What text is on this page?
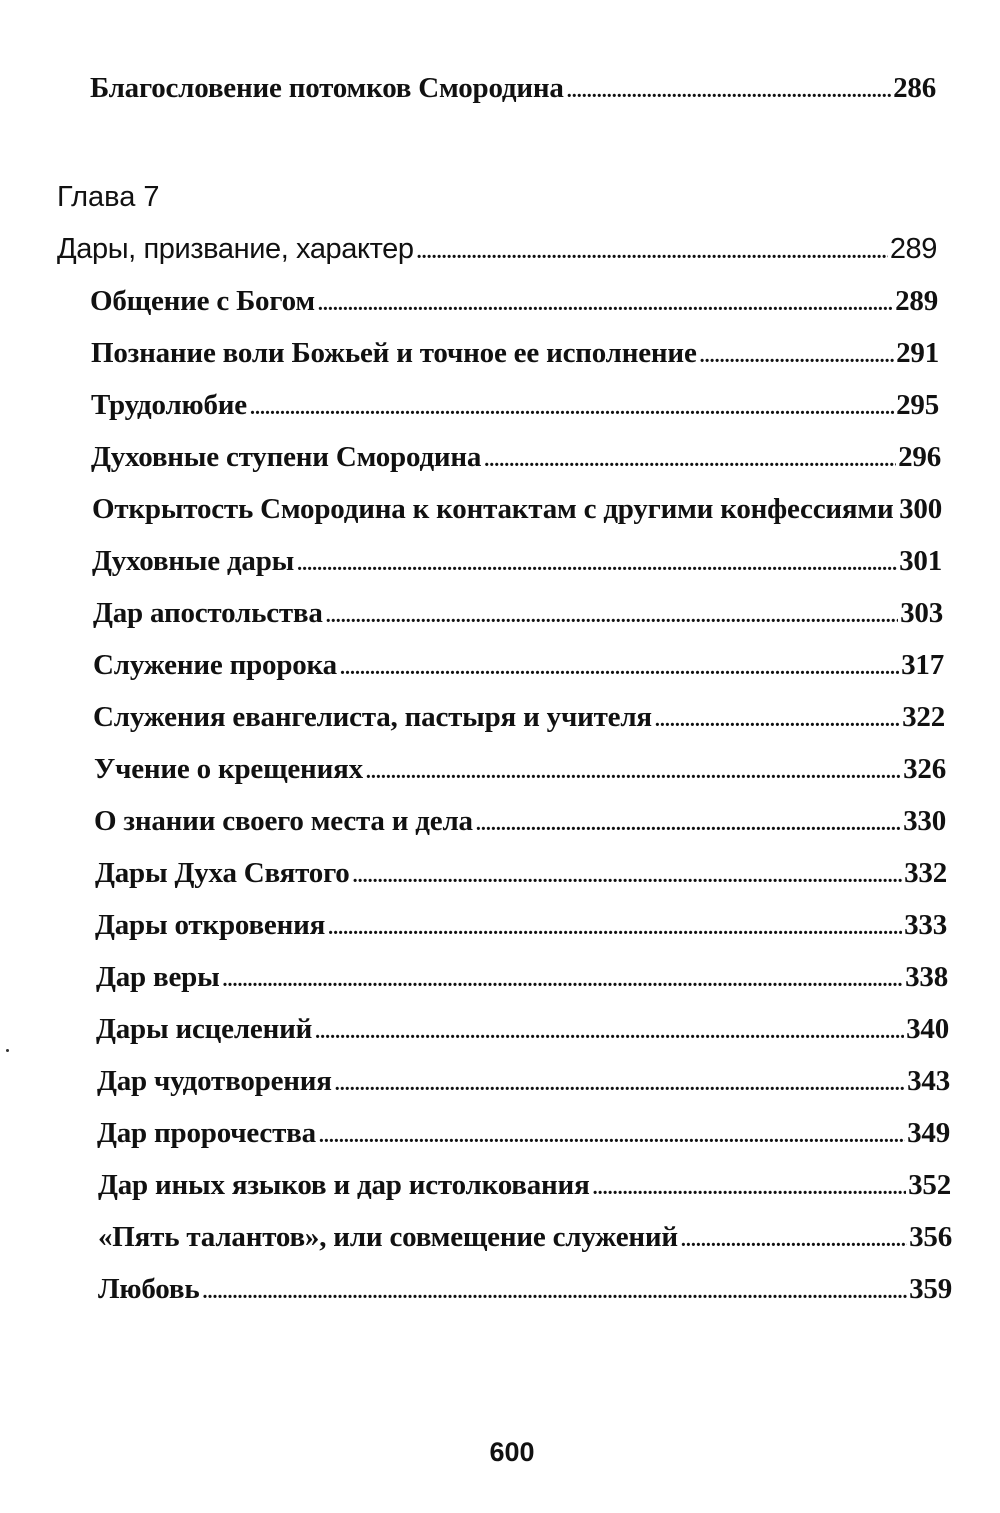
Благословение потомков Смородина .....	286
Глава 7
Дары, призвание, характер .....	289
Общение с Богом .....	289
Познание воли Божьей и точное ее исполнение .....	291
Трудолюбие .....	295
Духовные ступени Смородина .....	296
Открытость Смородина к контактам с другими конфессиями ..... 300
Духовные дары .....	301
Дар апостольства .....	303
Служение пророка .....	317
Служения евангелиста, пастыря и учителя .....	322
Учение о крещениях .....	326
О знании своего места и дела .....	330
Дары Духа Святого .....	332
Дары откровения .....	333
Дар веры .....	338
Дары исцелений .....	340
Дар чудотворения .....	343
Дар пророчества .....	349
Дар иных языков и дар истолкования .....	352
«Пять талантов», или совмещение служений .....	356
Любовь .....	359
600
